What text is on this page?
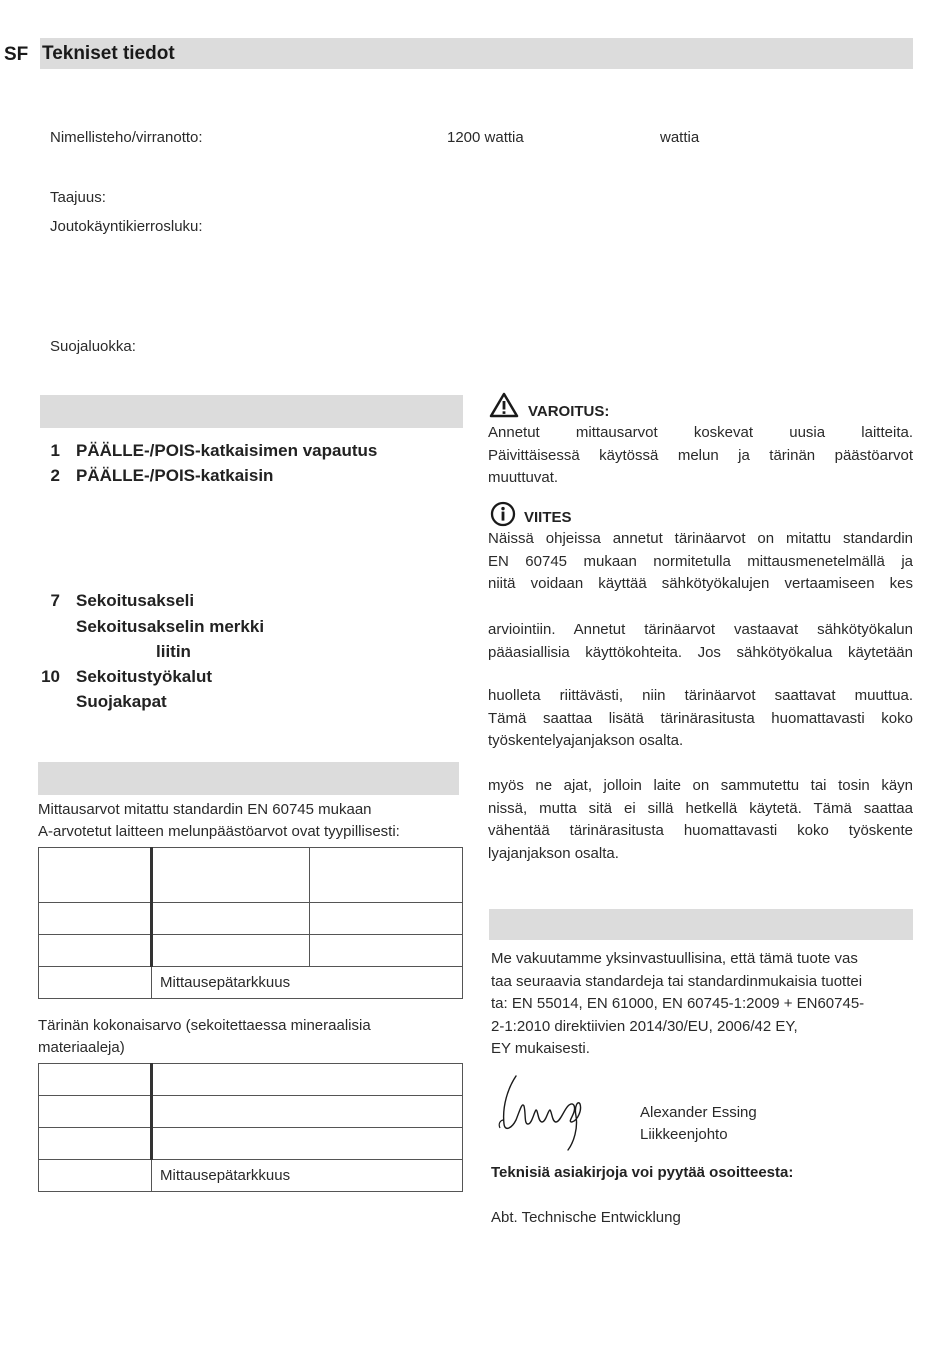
SF Tekniset tiedot
Nimellisteho/virranotto:	1200 wattia	wattia
Taajuus:
Joutokäyntikierrosluku:
Suojaluokka:
1 PÄÄLLE-/POIS-katkaisimen vapautus
2 PÄÄLLE-/POIS-katkaisin
7 Sekoitusakseli
Sekoitusakselin merkki
liitin
10 Sekoitustyökalut
Suojakapat
Mittausarvot mitattu standardin EN 60745 mukaan
A-arvotetut laitteen melunpäästöarvot ovat tyypillisesti:

	Mittausepätarkkuus	
Tärinän kokonaisarvo (sekoitettaessa mineraalisia
materiaaleja)

	Mittausepätarkkuus
VAROITUS:
Annetut mittausarvot koskevat uusia laitteita.
Päivittäisessä käytössä melun ja tärinän päästöarvot
muuttuvat.
VIITES
Näissä ohjeissa annetut tärinäarvot on mitattu standardin
EN 60745 mukaan normitetulla mittausmenetelmällä ja
niitä voidaan käyttää sähkötyökalujen vertaamiseen kes
arviointiin. Annetut tärinäarvot vastaavat sähkötyökalun
pääasiallisia käyttökohteita. Jos sähkötyökalua käytetään
huolleta riittävästi, niin tärinäarvot saattavat muuttua.
Tämä saattaa lisätä tärinärasitusta huomattavasti koko
työskentelyajanjakson osalta.
myös ne ajat, jolloin laite on sammutettu tai tosin käyn
nissä, mutta sitä ei sillä hetkellä käytetä. Tämä saattaa
vähentää tärinärasitusta huomattavasti koko työskente
lyajanjakson osalta.
Me vakuutamme yksinvastuullisina, että tämä tuote vas
taa seuraavia standardeja tai standardinmukaisia tuottei
ta: EN 55014, EN 61000, EN 60745-1:2009 + EN60745-
2-1:2010 direktiivien 2014/30/EU, 2006/42 EY,
EY mukaisesti.
Alexander Essing
Liikkeenjohto
Teknisiä asiakirjoja voi pyytää osoitteesta:
Abt. Technische Entwicklung
